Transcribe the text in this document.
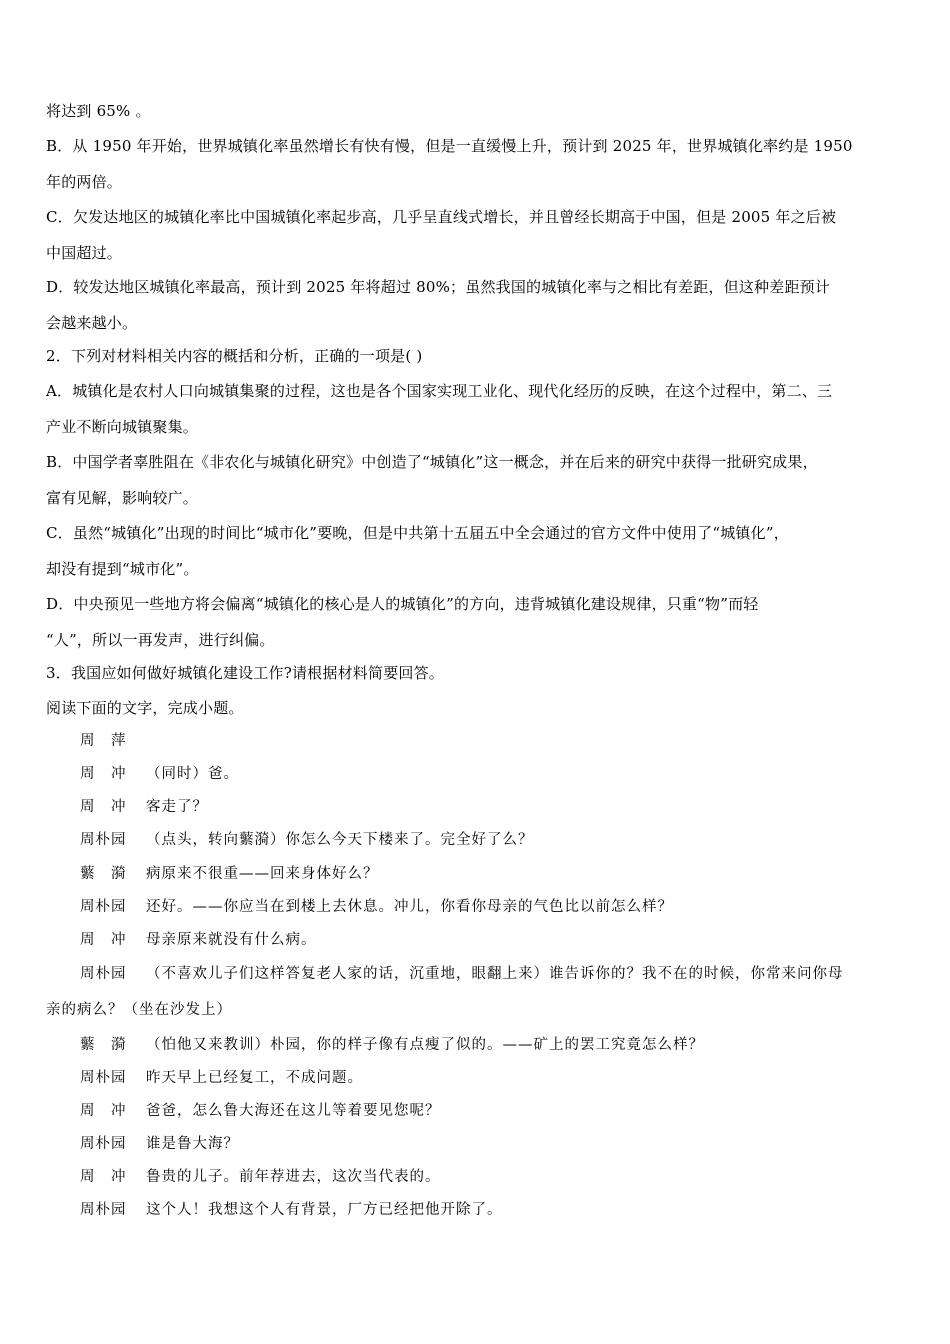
将达到 65% 。
B．从 1950 年开始，世界城镇化率虽然增长有快有慢，但是一直缓慢上升，预计到 2025 年，世界城镇化率约是 1950
年的两倍。
C．欠发达地区的城镇化率比中国城镇化率起步高，几乎呈直线式增长，并且曾经长期高于中国，但是 2005 年之后被
中国超过。
D．较发达地区城镇化率最高，预计到 2025 年将超过 80%；虽然我国的城镇化率与之相比有差距，但这种差距预计
会越来越小。
2．下列对材料相关内容的概括和分析，正确的一项是( )
A．城镇化是农村人口向城镇集聚的过程，这也是各个国家实现工业化、现代化经历的反映，在这个过程中，第二、三
产业不断向城镇聚集。
B．中国学者辜胜阻在《非农化与城镇化研究》中创造了“城镇化”这一概念，并在后来的研究中获得一批研究成果，
富有见解，影响较广。
C．虽然“城镇化”出现的时间比“城市化”要晚，但是中共第十五届五中全会通过的官方文件中使用了“城镇化”，
却没有提到“城市化”。
D．中央预见一些地方将会偏离“城镇化的核心是人的城镇化”的方向，违背城镇化建设规律，只重“物”而轻
“人”，所以一再发声，进行纠偏。
3．我国应如何做好城镇化建设工作?请根据材料简要回答。
阅读下面的文字，完成小题。
周　萍
周　冲 （同时）爸。
周　冲 客走了？
周朴园 （点头，转向蘩漪）你怎么今天下楼来了。完全好了么？
蘩　漪 病原来不很重——回来身体好么？
周朴园 还好。——你应当在到楼上去休息。冲儿，你看你母亲的气色比以前怎么样？
周　冲 母亲原来就没有什么病。
周朴园 （不喜欢儿子们这样答复老人家的话，沉重地，眼翻上来）谁告诉你的？我不在的时候，你常来问你母
亲的病么？（坐在沙发上）
蘩　漪 （怕他又来教训）朴园，你的样子像有点瘦了似的。——矿上的罢工究竟怎么样？
周朴园 昨天早上已经复工，不成问题。
周　冲 爸爸，怎么鲁大海还在这儿等着要见您呢？
周朴园 谁是鲁大海？
周　冲 鲁贵的儿子。前年荐进去，这次当代表的。
周朴园 这个人！我想这个人有背景，厂方已经把他开除了。
